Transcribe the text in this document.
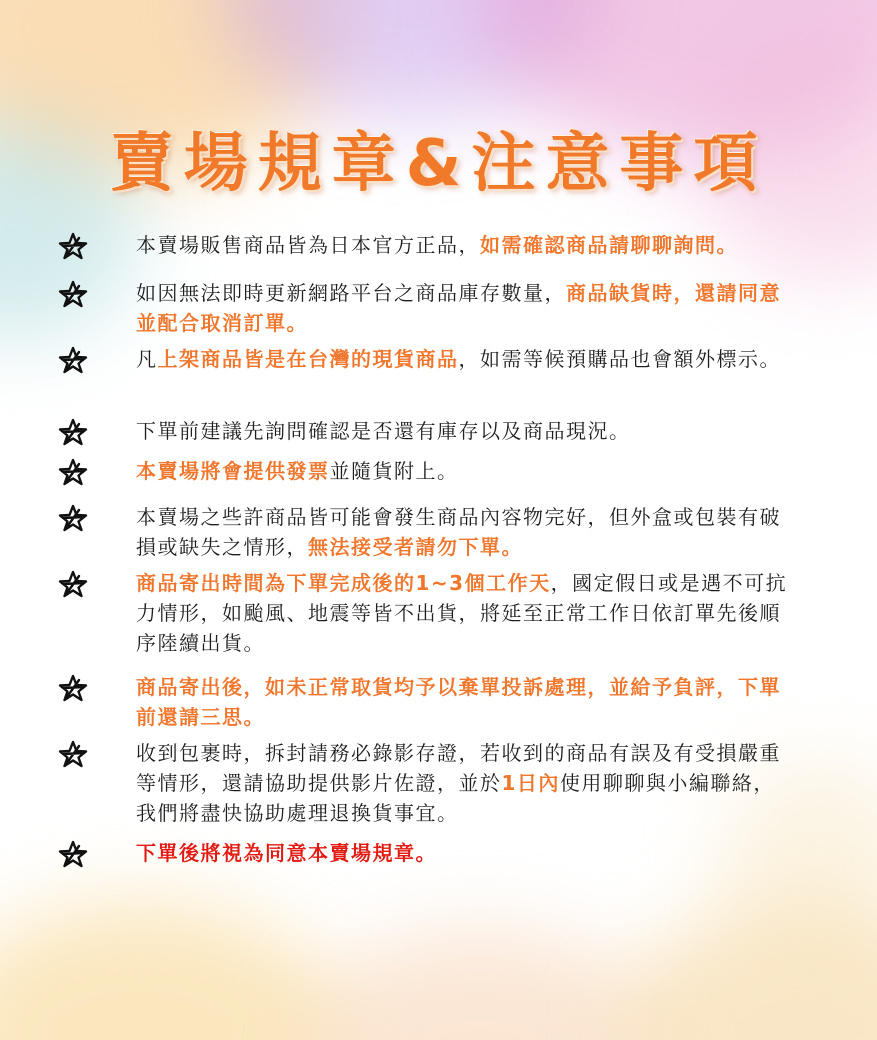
賣場規章&注意事項
本賣場販售商品皆為日本官方正品，如需確認商品請聊聊詢問。
如因無法即時更新網路平台之商品庫存數量，商品缺貨時，還請同意並配合取消訂單。
凡上架商品皆是在台灣的現貨商品，如需等候預購品也會額外標示。
下單前建議先詢問確認是否還有庫存以及商品現況。
本賣場將會提供發票並隨貨附上。
本賣場之些許商品皆可能會發生商品內容物完好，但外盒或包裝有破損或缺失之情形，無法接受者請勿下單。
商品寄出時間為下單完成後的1~3個工作天，國定假日或是遇不可抗力情形，如颱風、地震等皆不出貨，將延至正常工作日依訂單先後順序陸續出貨。
商品寄出後，如未正常取貨均予以棄單投訴處理，並給予負評，下單前還請三思。
收到包裹時，拆封請務必錄影存證，若收到的商品有誤及有受損嚴重等情形，還請協助提供影片佐證，並於1日內使用聊聊與小編聯絡，我們將盡快協助處理退換貨事宜。
下單後將視為同意本賣場規章。
